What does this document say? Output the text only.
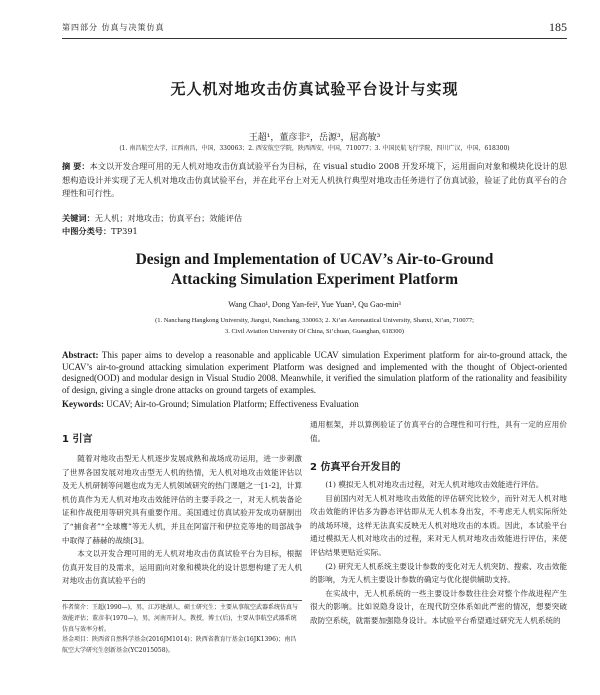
第四部分 仿真与决策仿真	185
无人机对地攻击仿真试验平台设计与实现
王超¹，董彦非²，岳源³，屈高敏³
(1. 南昌航空大学，江西南昌，中国，330063；2. 西安航空学院，陕西西安，中国，710077；3. 中国民航飞行学院，四川广汉，中国，618300)
摘 要：本文以开发合理可用的无人机对地攻击仿真试验平台为目标，在 visual studio 2008 开发环境下，运用面向对象和模块化设计的思想构造设计并实现了无人机对地攻击仿真试验平台，并在此平台上对无人机执行典型对地攻击任务进行了仿真试验，验证了此仿真平台的合理性和可行性。
关键词：无人机；对地攻击；仿真平台；效能评估
中图分类号：TP391
Design and Implementation of UCAV’s Air-to-Ground
Attacking Simulation Experiment Platform
Wang Chao¹, Dong Yan-fei², Yue Yuan³, Qu Gao-min³
(1. Nanchang Hangkong University, Jiangxi, Nanchang, 330063; 2. Xi’an Aeronautical University, Shanxi, Xi’an, 710077;
3. Civil Aviation University Of China, Si’chuan, Guanghan, 618300)
Abstract: This paper aims to develop a reasonable and applicable UCAV simulation Experiment platform for air-to-ground attack, the UCAV’s air-to-ground attacking simulation experiment Platform was designed and implemented with the thought of Object-oriented designed(OOD) and modular design in Visual Studio 2008. Meanwhile, it verified the simulation platform of the rationality and feasibility of design, giving a single drone attacks on ground targets of examples.
Keywords: UCAV; Air-to-Ground; Simulation Platform; Effectiveness Evaluation
1 引言

随着对地攻击型无人机逐步发展成熟和战场成功运用，进一步刺激了世界各国发展对地攻击型无人机的热情，无人机对地攻击效能评估以及无人机研制等问题也成为无人机领域研究的热门课题之一[1-2]，计算机仿真作为无人机对地攻击效能评估的主要手段之一，对无人机装备论证和作战使用等研究具有重要作用。美国通过仿真试验开发成功研制出了“捕食者”“全球鹰”等无人机，并且在阿富汗和伊拉克等地的局部战争中取得了赫赫的战绩[3]。

本文以开发合理可用的无人机对地攻击仿真试验平台为目标，根据仿真开发目的及需求，运用面向对象和模块化的设计思想构建了无人机对地攻击仿真试验平台的

作者简介：王超(1990—)，男，江苏建湖人，硕士研究生；主要从事航空武器系统仿真与效能评估；董彦非(1970—)，男，河南开封人，教授，博士(后)，主要从事航空武器系统仿真与效率分析。

基金项目：陕西省自然科学基金(2016JM1014)；陕西省教育厅基金(16JK1396)；南昌航空大学研究生创新基金(YC2015058)。

通用框架，并以算例验证了仿真平台的合理性和可行性，具有一定的应用价值。

2 仿真平台开发目的

(1) 模拟无人机对地攻击过程，对无人机对地攻击效能进行评估。

目前国内对无人机对地攻击效能的评估研究比较少，而针对无人机对地攻击效能的评估多为静态评估即从无人机本身出发，不考虑无人机实际所处的战场环境，这样无法真实反映无人机对地攻击的本质。因此，本试验平台通过模拟无人机对地攻击的过程，来对无人机对地攻击效能进行评估，来使评估结果更贴近实际。

(2) 研究无人机系统主要设计参数的变化对无人机突防、搜索、攻击效能的影响，为无人机主要设计参数的确定与优化提供辅助支持。

在实战中，无人机系统的一些主要设计参数往往会对整个作战进程产生很大的影响。比如说隐身设计，在现代防空体系如此严密的情况，想要突破敌防空系统，就需要加强隐身设计。本试验平台希望通过研究无人机系统的
